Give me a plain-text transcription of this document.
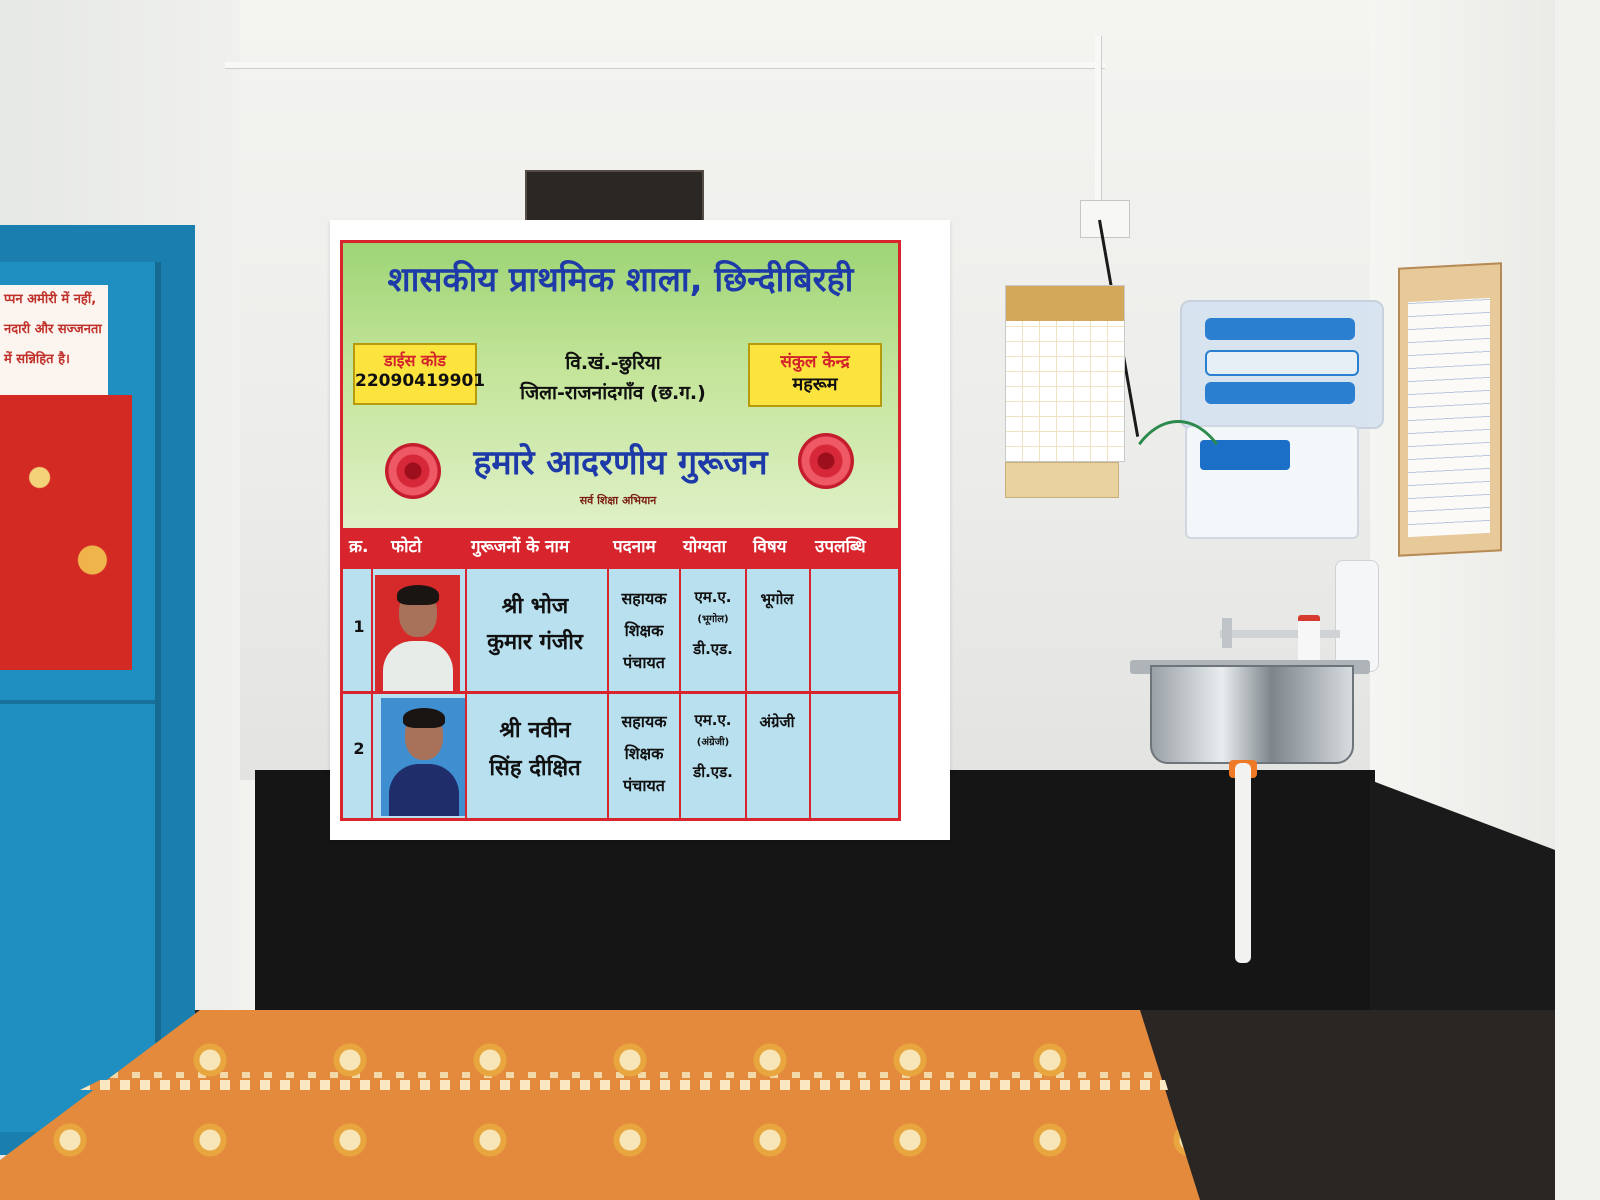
प्पन अमीरी में नहीं,
नदारी और सज्जनता
में सन्निहित है।
शासकीय प्राथमिक शाला, छिन्दीबिरही
डाईस कोड
22090419901
वि.खं.-छुरिया
जिला-राजनांदगाँव (छ.ग.)
संकुल केन्द्र
महरूम
हमारे आदरणीय गुरूजन
सर्व शिक्षा अभियान
क्र. फोटो	गुरूजनों के नाम	पदनाम योग्यता विषय उपलब्धि
1
श्री भोज
कुमार गंजीर
सहायक
शिक्षक
पंचायत
एम.ए.
(भूगोल)
डी.एड.
भूगोल
2
श्री नवीन
सिंह दीक्षित
सहायक
शिक्षक
पंचायत
एम.ए.
(अंग्रेजी)
डी.एड.
अंग्रेजी
